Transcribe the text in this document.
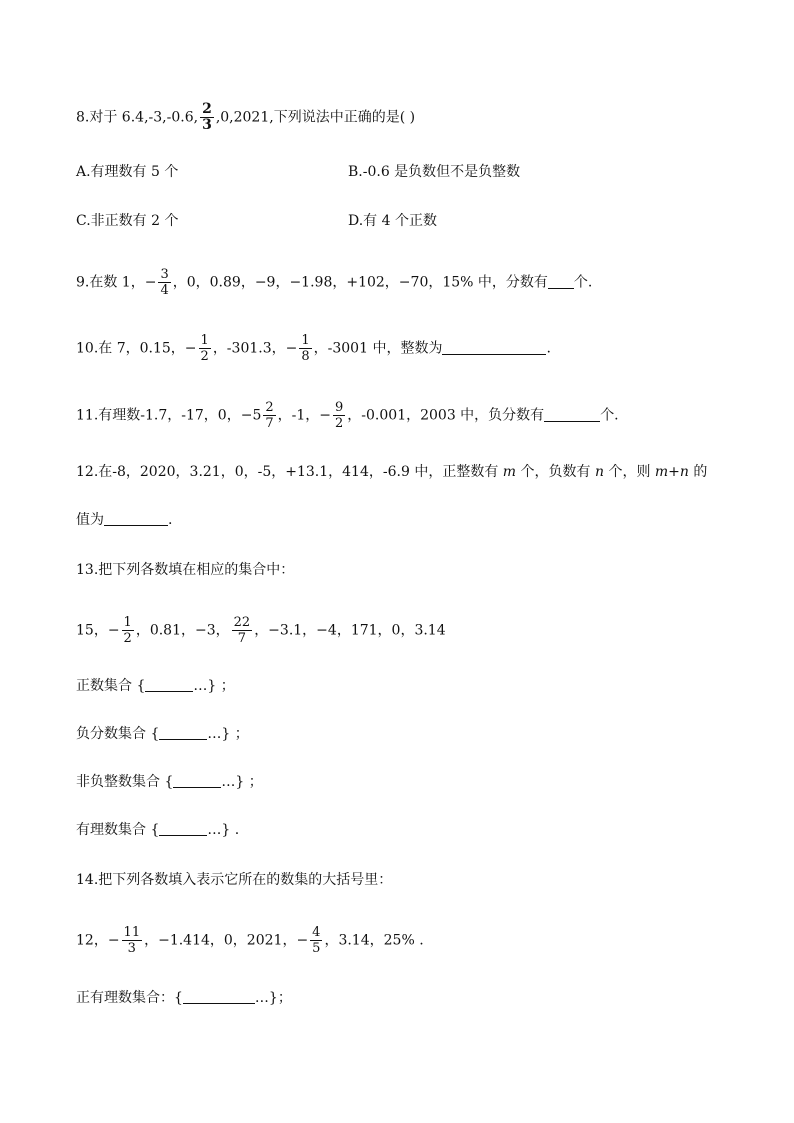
8.对于 6.4,-3,-0.6, $\frac{2}{3} ,0,2021$,下列说法中正确的是( )
A.有理数有 5 个	B.-0.6 是负数但不是负整数
C.非正数有 2 个	D.有 4 个正数
9.在数 1，− $\frac{3}{4}$ ，0，0.89，−9，−1.98，+102，−70，15% 中，分数有 个.
10.在 7，0.15，− $\frac{1}{2}$ ，-301.3，− $\frac{1}{8}$ ，-3001 中，整数为	.
11.有理数-1.7，-17，0，$-5 \frac{2}{7}$ ，-1，− $\frac{9}{2}$ ，-0.001，2003 中，负分数有	个.
12.在-8，2020，3.21，0，-5，+13.1，414，-6.9 中，正整数有 m 个，负数有 n 个，则 m+n 的
值为	.
13.把下列各数填在相应的集合中：
15，− $\frac{1}{2}$ ，0.81，−3， $\frac{22}{7}$ ，−3.1，−4，171，0，3.14
正数集合 {	…} ；
负分数集合 {	…} ；
非负整数集合 {	…} ；
有理数集合 {	…} .
14.把下列各数填入表示它所在的数集的大括号里：
12，− $\frac{11}{3}$ ，−1.414，0，2021，− $\frac{4}{5}$ ，3.14，25% .
正有理数集合：{	…}；
